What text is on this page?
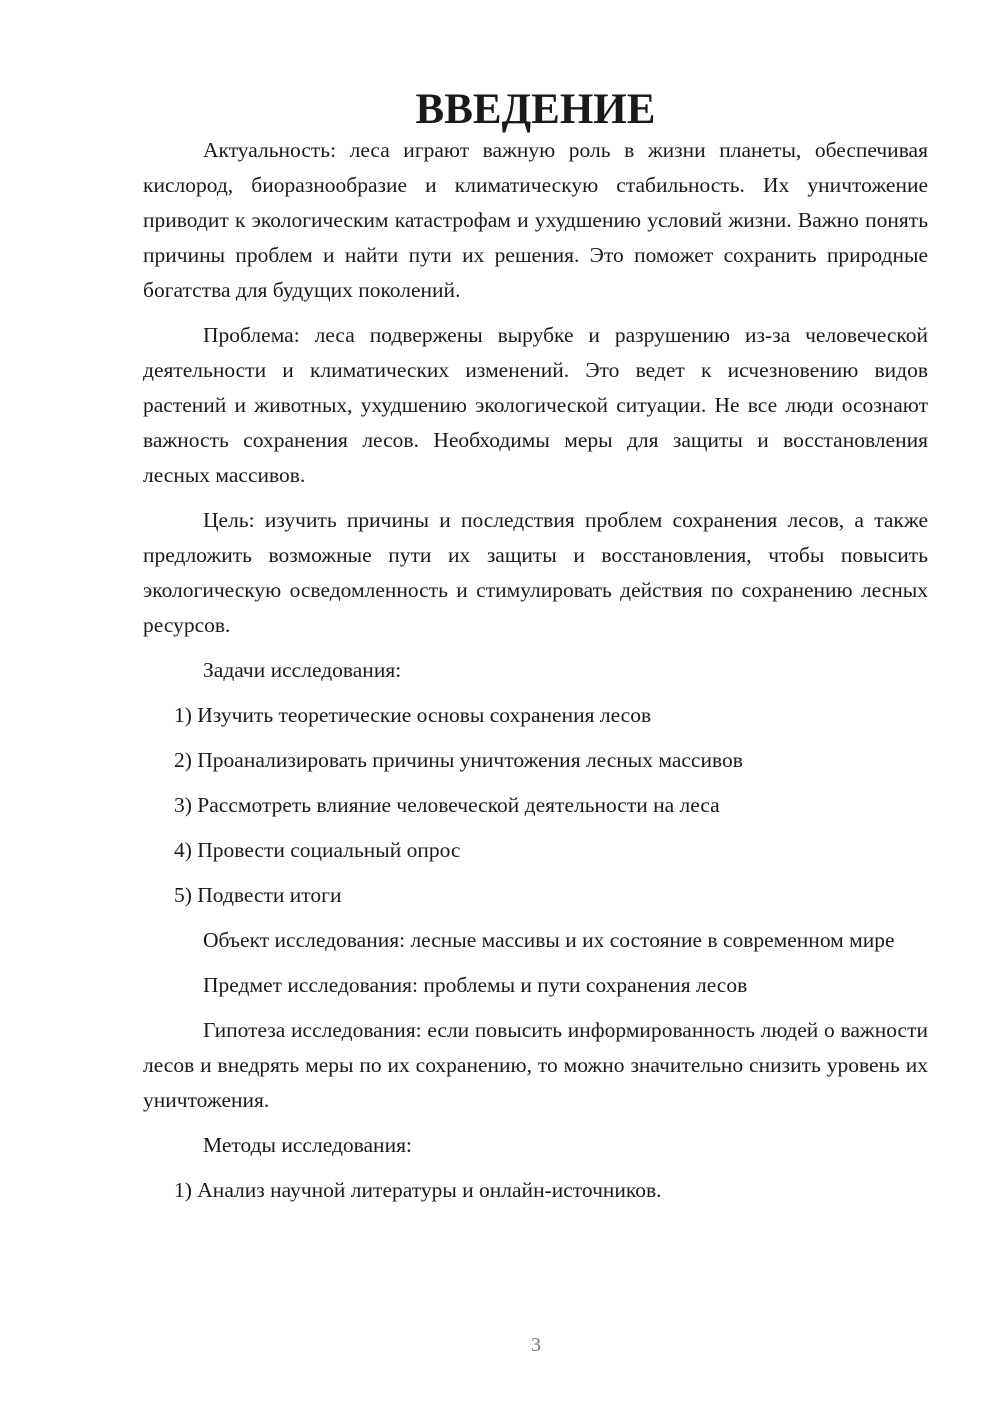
ВВЕДЕНИЕ

Актуальность: леса играют важную роль в жизни планеты, обеспечивая кислород, биоразнообразие и климатическую стабильность. Их уничтожение приводит к экологическим катастрофам и ухудшению условий жизни. Важно понять причины проблем и найти пути их решения. Это поможет сохранить природные богатства для будущих поколений.

Проблема: леса подвержены вырубке и разрушению из-за человеческой деятельности и климатических изменений. Это ведет к исчезновению видов растений и животных, ухудшению экологической ситуации. Не все люди осознают важность сохранения лесов. Необходимы меры для защиты и восстановления лесных массивов.

Цель: изучить причины и последствия проблем сохранения лесов, а также предложить возможные пути их защиты и восстановления, чтобы повысить экологическую осведомленность и стимулировать действия по сохранению лесных ресурсов.

Задачи исследования:

1) Изучить теоретические основы сохранения лесов
2) Проанализировать причины уничтожения лесных массивов
3) Рассмотреть влияние человеческой деятельности на леса
4) Провести социальный опрос
5) Подвести итоги

Объект исследования: лесные массивы и их состояние в современном мире

Предмет исследования: проблемы и пути сохранения лесов

Гипотеза исследования: если повысить информированность людей о важности лесов и внедрять меры по их сохранению, то можно значительно снизить уровень их уничтожения.

Методы исследования:

1) Анализ научной литературы и онлайн-источников.
3
